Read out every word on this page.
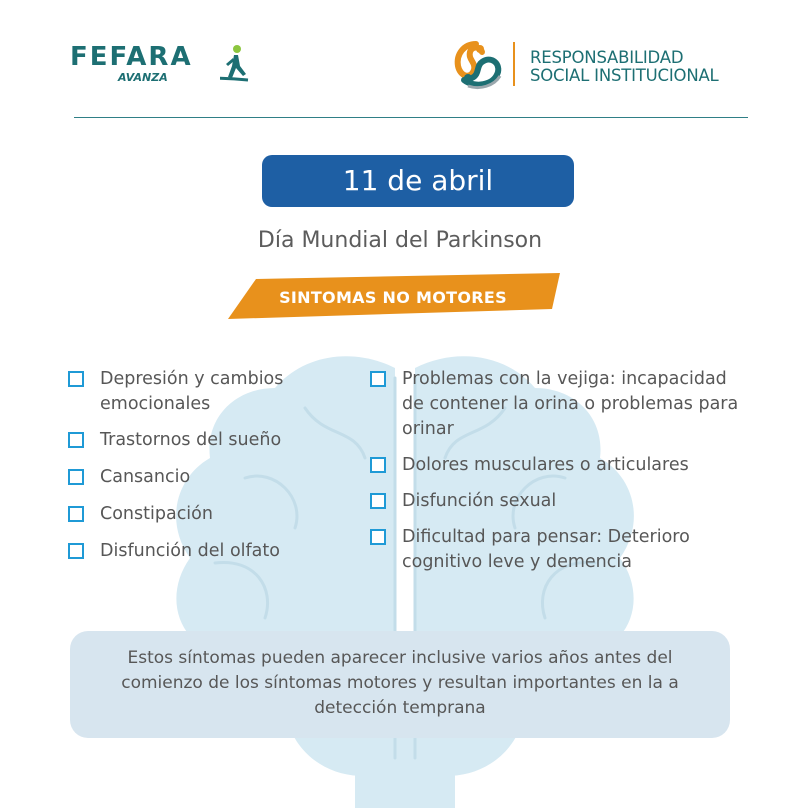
FEFARA
AVANZA
RESPONSABILIDAD
SOCIAL INSTITUCIONAL
11 de abril
Día Mundial del Parkinson
SINTOMAS NO MOTORES
Depresión y cambios emocionales
Trastornos del sueño
Cansancio
Constipación
Disfunción del olfato
Problemas con la vejiga: incapacidad de contener la orina o problemas para orinar
Dolores musculares o articulares
Disfunción sexual
Dificultad para pensar: Deterioro cognitivo leve y demencia
Estos síntomas pueden aparecer inclusive varios años antes del comienzo de los síntomas motores y resultan importantes en la a detección temprana
